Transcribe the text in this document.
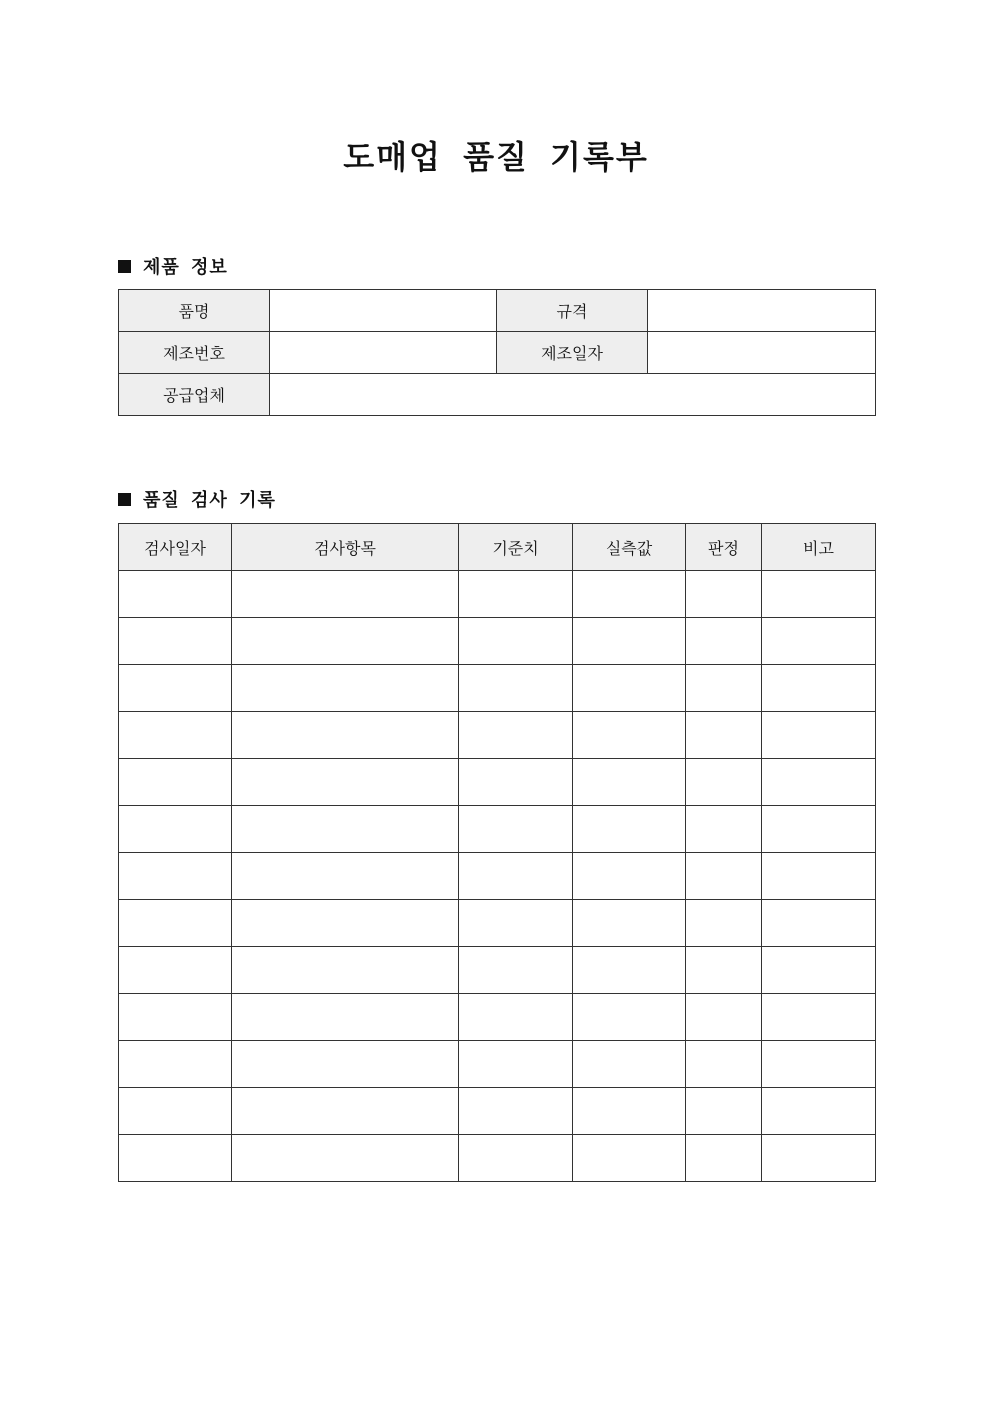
도매업 품질 기록부
제품 정보
품명		규격	
제조번호		제조일자	
공급업체			
품질 검사 기록
검사일자	검사항목	기준치	실측값	판정	비고
